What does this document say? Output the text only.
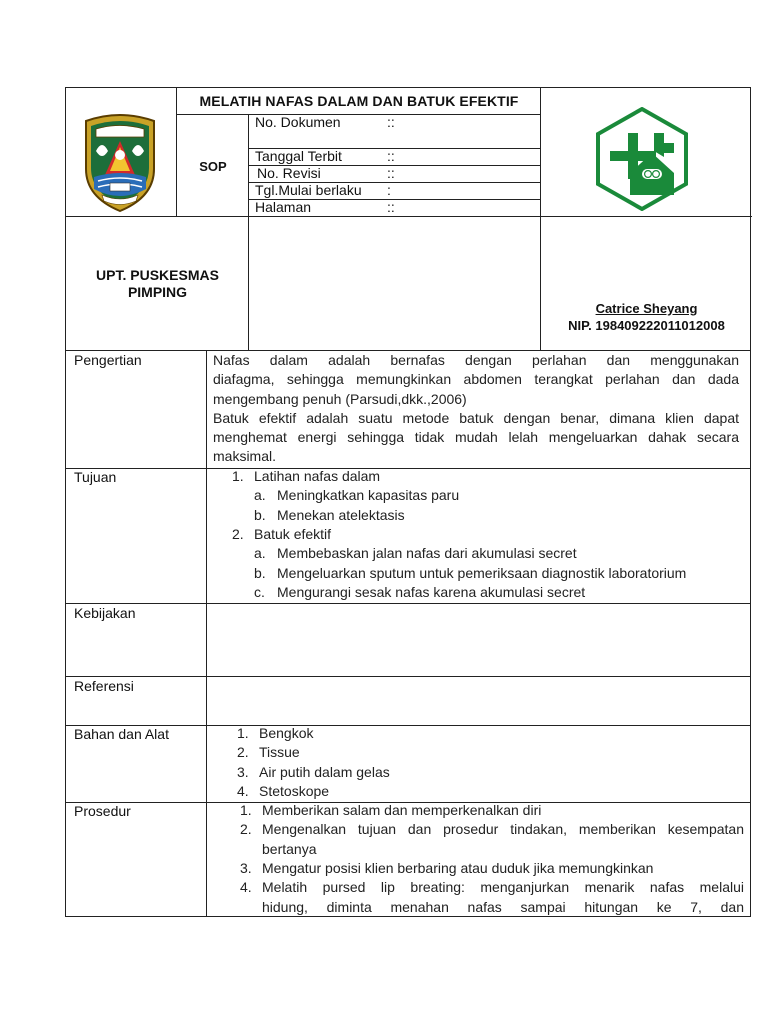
MELATIH NAFAS DALAM DAN BATUK EFEKTIF
SOP
No. Dokumen	::
Tanggal Terbit	::
No. Revisi	::
Tgl.Mulai berlaku :
Halaman	::
UPT. PUSKESMAS
PIMPING
Catrice Sheyang
NIP. 198409222011012008
Pengertian	Nafas dalam adalah bernafas dengan perlahan dan menggunakan
diafagma, sehingga memungkinkan abdomen terangkat perlahan dan dada
mengembang penuh (Parsudi,dkk.,2006)
Batuk efektif adalah suatu metode batuk dengan benar, dimana klien dapat
menghemat energi sehingga tidak mudah lelah mengeluarkan dahak secara
maksimal.
Tujuan	1. Latihan nafas dalam
a. Meningkatkan kapasitas paru
b. Menekan atelektasis
2. Batuk efektif
a. Membebaskan jalan nafas dari akumulasi secret
b. Mengeluarkan sputum untuk pemeriksaan diagnostik laboratorium
c. Mengurangi sesak nafas karena akumulasi secret
Kebijakan
Referensi
Bahan dan Alat	1. Bengkok
2. Tissue
3. Air putih dalam gelas
4. Stetoskope
Prosedur	1. Memberikan salam dan memperkenalkan diri
2. Mengenalkan tujuan dan prosedur tindakan, memberikan kesempatan
bertanya
3. Mengatur posisi klien berbaring atau duduk jika memungkinkan
4. Melatih pursed lip breating: menganjurkan menarik nafas melalui
hidung, diminta menahan nafas sampai hitungan ke 7, dan
